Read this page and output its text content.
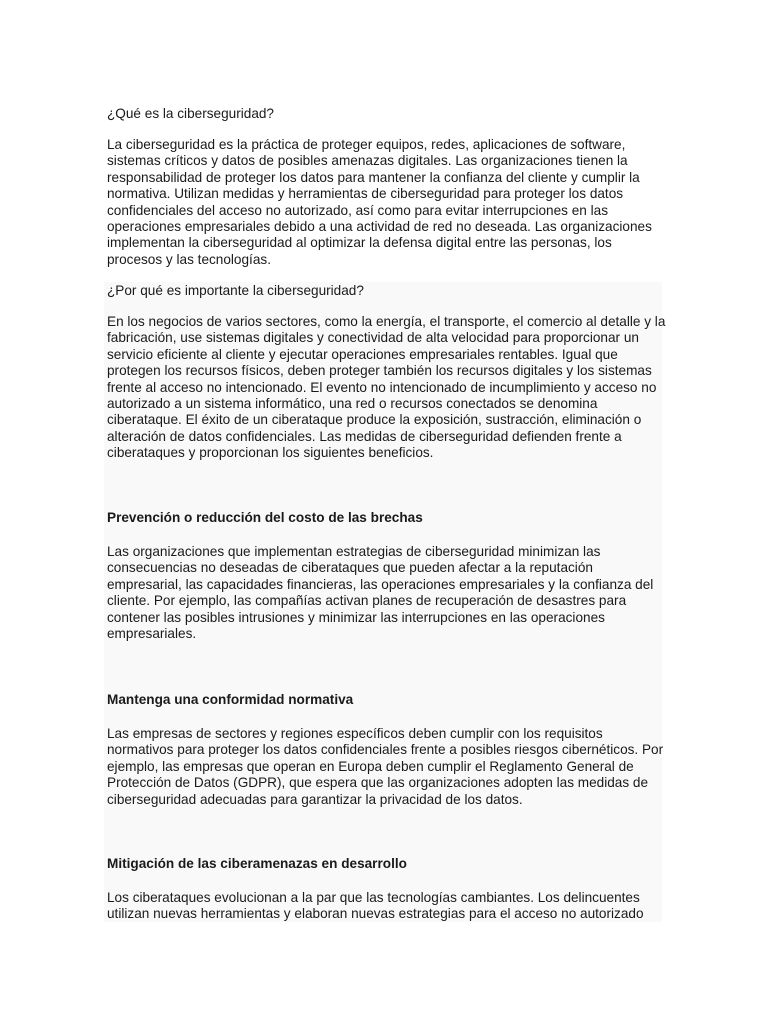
¿Qué es la ciberseguridad?

La ciberseguridad es la práctica de proteger equipos, redes, aplicaciones de software, sistemas críticos y datos de posibles amenazas digitales. Las organizaciones tienen la responsabilidad de proteger los datos para mantener la confianza del cliente y cumplir la normativa. Utilizan medidas y herramientas de ciberseguridad para proteger los datos confidenciales del acceso no autorizado, así como para evitar interrupciones en las operaciones empresariales debido a una actividad de red no deseada. Las organizaciones implementan la ciberseguridad al optimizar la defensa digital entre las personas, los procesos y las tecnologías.

¿Por qué es importante la ciberseguridad?

En los negocios de varios sectores, como la energía, el transporte, el comercio al detalle y la fabricación, use sistemas digitales y conectividad de alta velocidad para proporcionar un servicio eficiente al cliente y ejecutar operaciones empresariales rentables. Igual que protegen los recursos físicos, deben proteger también los recursos digitales y los sistemas frente al acceso no intencionado. El evento no intencionado de incumplimiento y acceso no autorizado a un sistema informático, una red o recursos conectados se denomina ciberataque. El éxito de un ciberataque produce la exposición, sustracción, eliminación o alteración de datos confidenciales. Las medidas de ciberseguridad defienden frente a ciberataques y proporcionan los siguientes beneficios.

Prevención o reducción del costo de las brechas

Las organizaciones que implementan estrategias de ciberseguridad minimizan las consecuencias no deseadas de ciberataques que pueden afectar a la reputación empresarial, las capacidades financieras, las operaciones empresariales y la confianza del cliente. Por ejemplo, las compañías activan planes de recuperación de desastres para contener las posibles intrusiones y minimizar las interrupciones en las operaciones empresariales.

Mantenga una conformidad normativa

Las empresas de sectores y regiones específicos deben cumplir con los requisitos normativos para proteger los datos confidenciales frente a posibles riesgos cibernéticos. Por ejemplo, las empresas que operan en Europa deben cumplir el Reglamento General de Protección de Datos (GDPR), que espera que las organizaciones adopten las medidas de ciberseguridad adecuadas para garantizar la privacidad de los datos.

Mitigación de las ciberamenazas en desarrollo

Los ciberataques evolucionan a la par que las tecnologías cambiantes. Los delincuentes utilizan nuevas herramientas y elaboran nuevas estrategias para el acceso no autorizado
